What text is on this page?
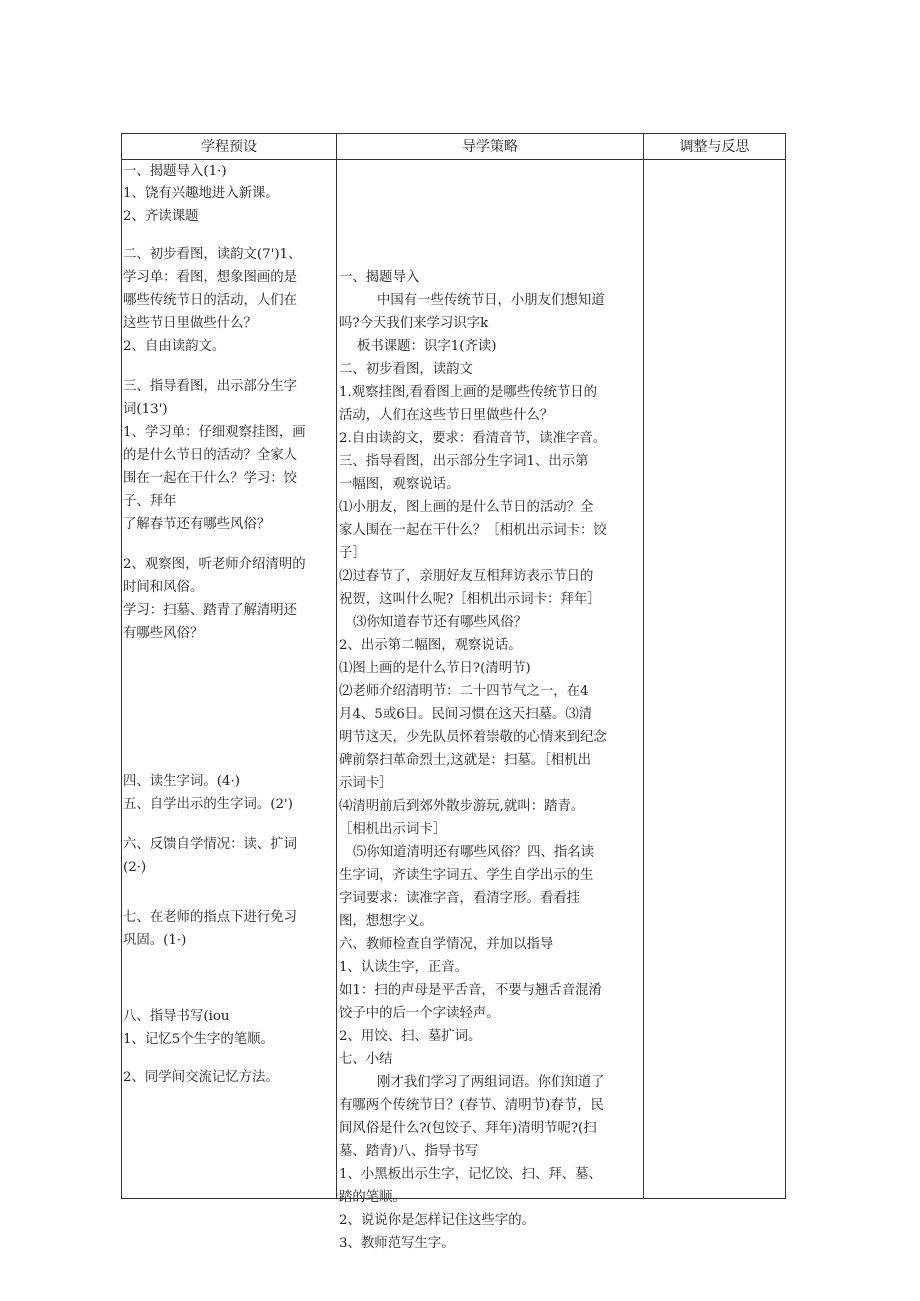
学程预设	导学策略	调整与反思
一、揭题导入(1·)
1、饶有兴趣地进入新课。
2、齐读课题
二、初步看图，读韵文(7')1、
学习单：看图，想象图画的是
哪些传统节日的活动，人们在
这些节日里做些什么？
2、自由读韵文。
三、指导看图，出示部分生字
词(13')
1、学习单：仔细观察挂图，画
的是什么节日的活动？全家人
围在一起在干什么？学习：饺
子、拜年
了解春节还有哪些风俗？
2、观察图，听老师介绍清明的
时间和风俗。
学习：扫墓、踏青了解清明还
有哪些风俗？
四、读生字词。(4·)
五、自学出示的生字词。(2')
六、反馈自学情况：读、扩词
(2·)
七、在老师的指点下进行免习
巩固。(1·)
八、指导书写(iou
1、记忆5个生字的笔顺。
2、同学间交流记忆方法。
一、揭题导入
中国有一些传统节日，小朋友们想知道
吗?今天我们来学习识字k
板书课题：识字1(齐读)
二、初步看图，读韵文
1.观察挂图,看看图上画的是哪些传统节日的
活动，人们在这些节日里做些什么？
2.自由读韵文，要求：看清音节，读准字音。
三、指导看图，出示部分生字词1、出示第
一幅图，观察说话。
⑴小朋友，图上画的是什么节日的活动？全
家人围在一起在干什么？［相机出示词卡：饺
子］
⑵过春节了，亲朋好友互相拜访表示节日的
祝贺，这叫什么呢?［相机出示词卡：拜年］
⑶你知道春节还有哪些风俗？
2、出示第二幅图，观察说话。
⑴图上画的是什么节日?(清明节)
⑵老师介绍清明节：二十四节气之一，在4
月4、5或6日。民间习惯在这天扫墓。⑶清
明节这天，少先队员怀着崇敬的心情来到纪念
碑前祭扫革命烈士,这就是：扫墓。［相机出
示词卡］
⑷清明前后到郊外散步游玩,就叫：踏青。
［相机出示词卡］
⑸你知道清明还有哪些风俗？四、指名读
生字词，齐读生字词五、学生自学出示的生
字词要求：读准字音，看清字形。看看挂
图，想想字义。
六、教师检查自学情况，并加以指导
1、认读生字，正音。
如1：扫的声母是平舌音，不要与翘舌音混淆
饺子中的后一个字读轻声。
2、用饺、扫、墓扩词。
七、小结
刚才我们学习了两组词语。你们知道了
有哪两个传统节日？(春节、清明节)春节，民
间风俗是什么?(包饺子、拜年)清明节呢?(扫
墓、踏青)八、指导书写
1、小黑板出示生字，记忆饺、扫、拜、墓、
踏的笔顺。
2、说说你是怎样记住这些字的。
3、教师范写生字。
